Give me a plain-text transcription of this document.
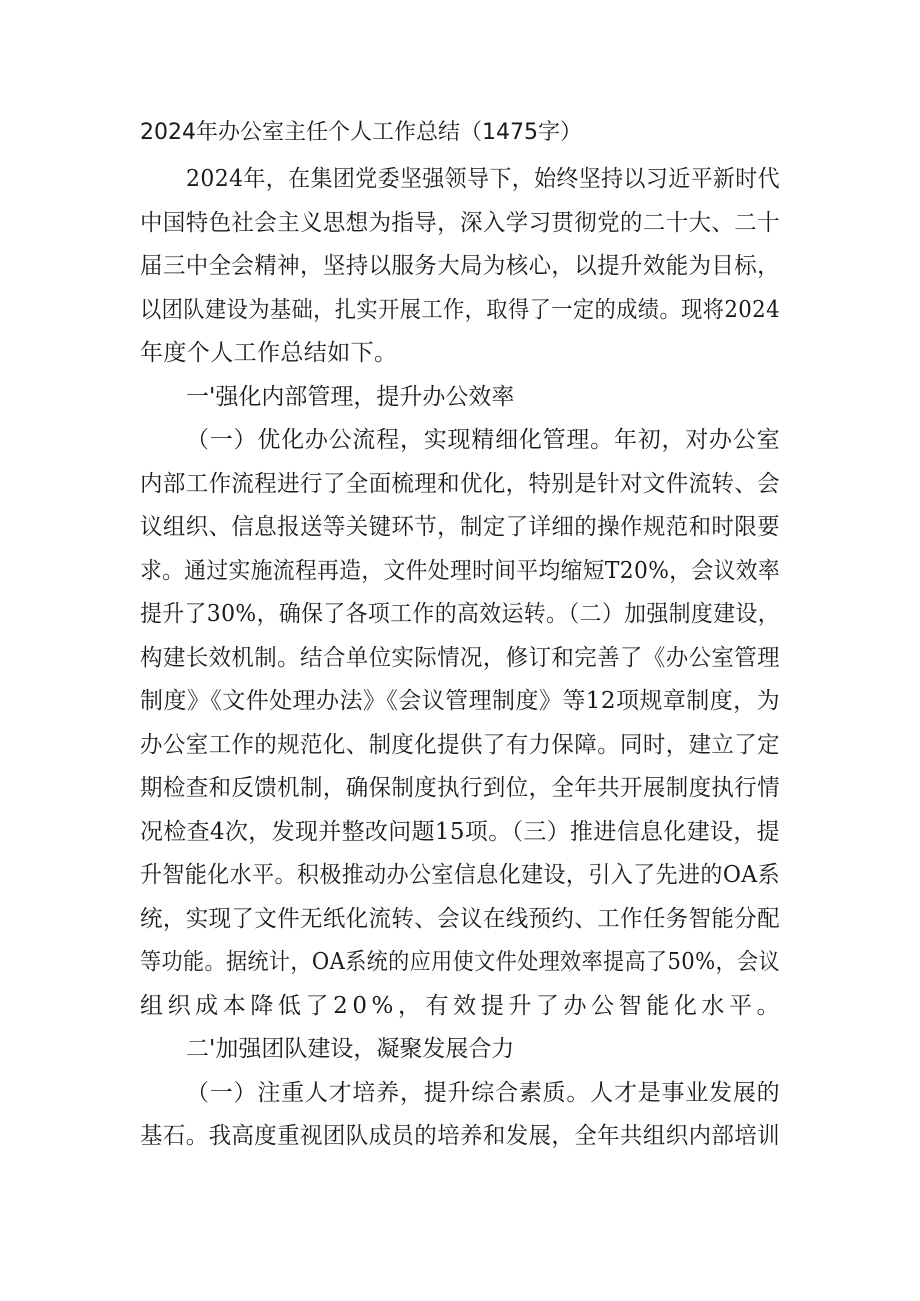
2024年办公室主任个人工作总结（1475字）
2024年，在集团党委坚强领导下，始终坚持以习近平新时代
中国特色社会主义思想为指导，深入学习贯彻党的二十大、二十
届三中全会精神，坚持以服务大局为核心，以提升效能为目标，
以团队建设为基础，扎实开展工作，取得了一定的成绩。现将2024
年度个人工作总结如下。
一'强化内部管理，提升办公效率
（一）优化办公流程，实现精细化管理。年初，对办公室
内部工作流程进行了全面梳理和优化，特别是针对文件流转、会
议组织、信息报送等关键环节，制定了详细的操作规范和时限要
求。通过实施流程再造，文件处理时间平均缩短T20%，会议效率
提升了30%，确保了各项工作的高效运转。（二）加强制度建设，
构建长效机制。结合单位实际情况，修订和完善了《办公室管理
制度》《文件处理办法》《会议管理制度》等12项规章制度，为
办公室工作的规范化、制度化提供了有力保障。同时，建立了定
期检查和反馈机制，确保制度执行到位，全年共开展制度执行情
况检查4次，发现并整改问题15项。（三）推进信息化建设，提
升智能化水平。积极推动办公室信息化建设，引入了先进的OA系
统，实现了文件无纸化流转、会议在线预约、工作任务智能分配
等功能。据统计，OA系统的应用使文件处理效率提高了50%，会议
组织成本降低了20%，有效提升了办公智能化水平。
二'加强团队建设，凝聚发展合力
（一）注重人才培养，提升综合素质。人才是事业发展的
基石。我高度重视团队成员的培养和发展，全年共组织内部培训
